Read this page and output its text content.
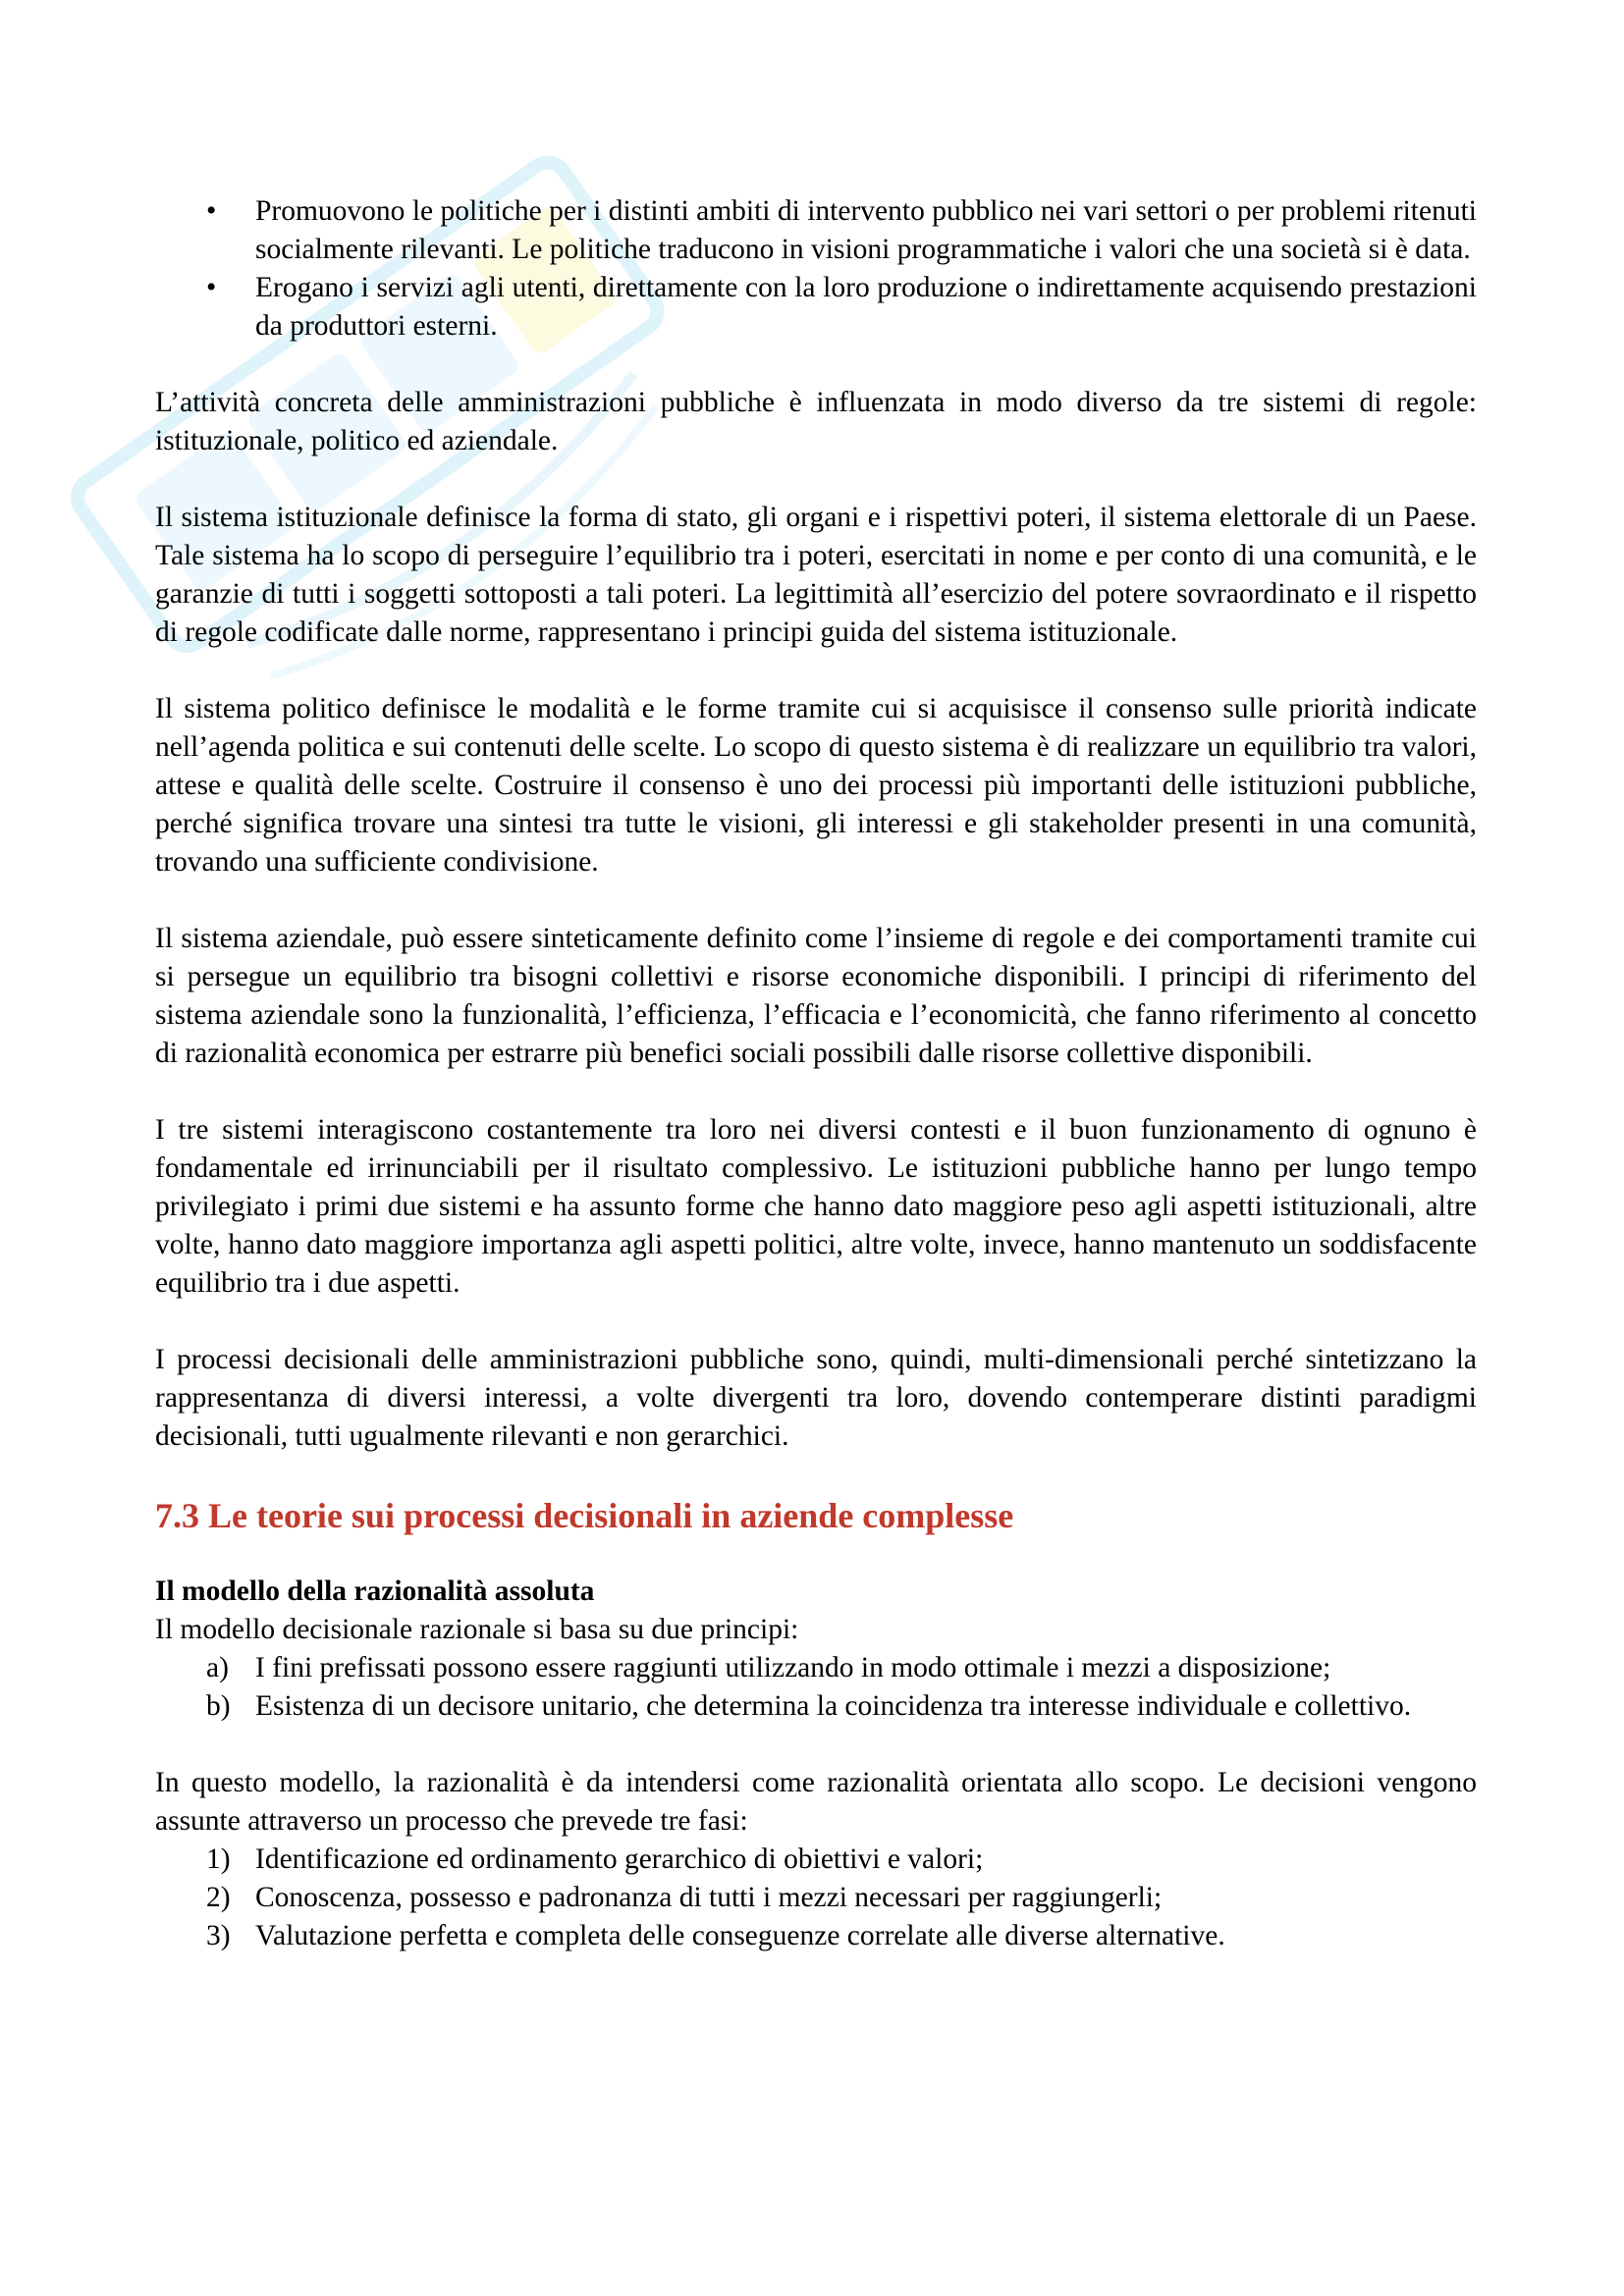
• Promuovono le politiche per i distinti ambiti di intervento pubblico nei vari settori o per problemi ritenuti socialmente rilevanti. Le politiche traducono in visioni programmatiche i valori che una società si è data.
• Erogano i servizi agli utenti, direttamente con la loro produzione o indirettamente acquisendo prestazioni da produttori esterni.

L’attività concreta delle amministrazioni pubbliche è influenzata in modo diverso da tre sistemi di regole: istituzionale, politico ed aziendale.

Il sistema istituzionale definisce la forma di stato, gli organi e i rispettivi poteri, il sistema elettorale di un Paese. Tale sistema ha lo scopo di perseguire l’equilibrio tra i poteri, esercitati in nome e per conto di una comunità, e le garanzie di tutti i soggetti sottoposti a tali poteri. La legittimità all’esercizio del potere sovraordinato e il rispetto di regole codificate dalle norme, rappresentano i principi guida del sistema istituzionale.

Il sistema politico definisce le modalità e le forme tramite cui si acquisisce il consenso sulle priorità indicate nell’agenda politica e sui contenuti delle scelte. Lo scopo di questo sistema è di realizzare un equilibrio tra valori, attese e qualità delle scelte. Costruire il consenso è uno dei processi più importanti delle istituzioni pubbliche, perché significa trovare una sintesi tra tutte le visioni, gli interessi e gli stakeholder presenti in una comunità, trovando una sufficiente condivisione.

Il sistema aziendale, può essere sinteticamente definito come l’insieme di regole e dei comportamenti tramite cui si persegue un equilibrio tra bisogni collettivi e risorse economiche disponibili. I principi di riferimento del sistema aziendale sono la funzionalità, l’efficienza, l’efficacia e l’economicità, che fanno riferimento al concetto di razionalità economica per estrarre più benefici sociali possibili dalle risorse collettive disponibili.

I tre sistemi interagiscono costantemente tra loro nei diversi contesti e il buon funzionamento di ognuno è fondamentale ed irrinunciabili per il risultato complessivo. Le istituzioni pubbliche hanno per lungo tempo privilegiato i primi due sistemi e ha assunto forme che hanno dato maggiore peso agli aspetti istituzionali, altre volte, hanno dato maggiore importanza agli aspetti politici, altre volte, invece, hanno mantenuto un soddisfacente equilibrio tra i due aspetti.

I processi decisionali delle amministrazioni pubbliche sono, quindi, multi-dimensionali perché sintetizzano la rappresentanza di diversi interessi, a volte divergenti tra loro, dovendo contemperare distinti paradigmi decisionali, tutti ugualmente rilevanti e non gerarchici.

7.3 Le teorie sui processi decisionali in aziende complesse
Il modello della razionalità assoluta

Il modello decisionale razionale si basa su due principi:

a) I fini prefissati possono essere raggiunti utilizzando in modo ottimale i mezzi a disposizione;
b) Esistenza di un decisore unitario, che determina la coincidenza tra interesse individuale e collettivo.

In questo modello, la razionalità è da intendersi come razionalità orientata allo scopo. Le decisioni vengono assunte attraverso un processo che prevede tre fasi:

1) Identificazione ed ordinamento gerarchico di obiettivi e valori;
2) Conoscenza, possesso e padronanza di tutti i mezzi necessari per raggiungerli;
3) Valutazione perfetta e completa delle conseguenze correlate alle diverse alternative.
